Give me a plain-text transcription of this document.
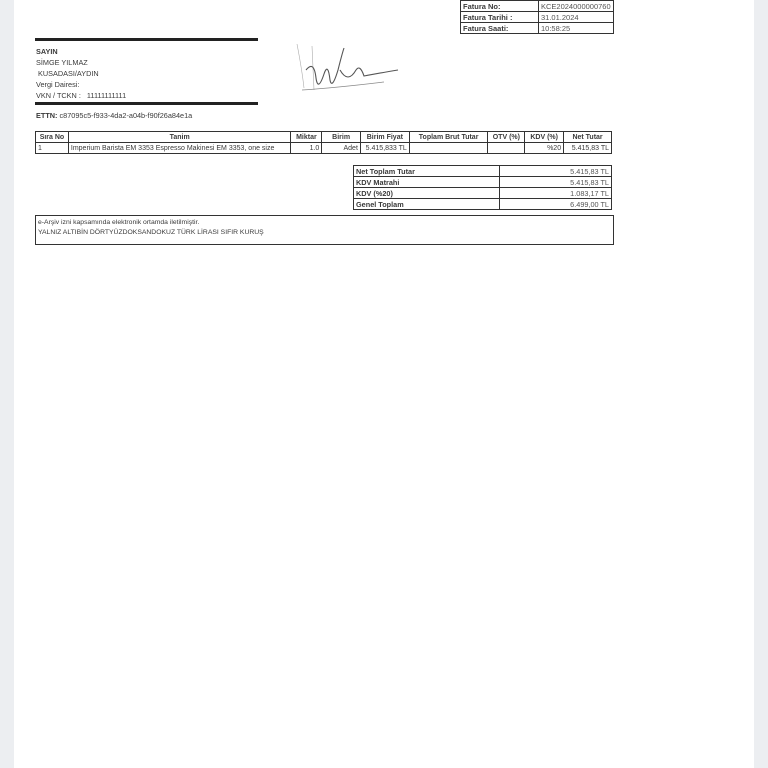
Fatura No:	KCE2024000000760
Fatura Tarihi :	31.01.2024
Fatura Saati:	10:58:25
SAYIN
SİMGE YILMAZ
KUSADASI/AYDIN
Vergi Dairesi:
VKN / TCKN : 11111111111
ETTN: c87095c5-f933-4da2-a04b-f90f26a84e1a
Sıra No	Tanim	Miktar	Birim	Birim Fiyat	Toplam Brut Tutar	OTV (%)	KDV (%)	Net Tutar
1	Imperium Barista EM 3353 Espresso Makinesi EM 3353, one size	1.0	Adet	5.415,833 TL			%20	5.415,83 TL
Net Toplam Tutar	5.415,83 TL
KDV Matrahi	5.415,83 TL
KDV (%20)	1.083,17 TL
Genel Toplam	6.499,00 TL
e-Arşiv izni kapsamında elektronik ortamda iletilmiştir.
YALNIZ ALTIBİN DÖRTYÜZDOKSANDOKUZ TÜRK LİRASI SIFIR KURUŞ
